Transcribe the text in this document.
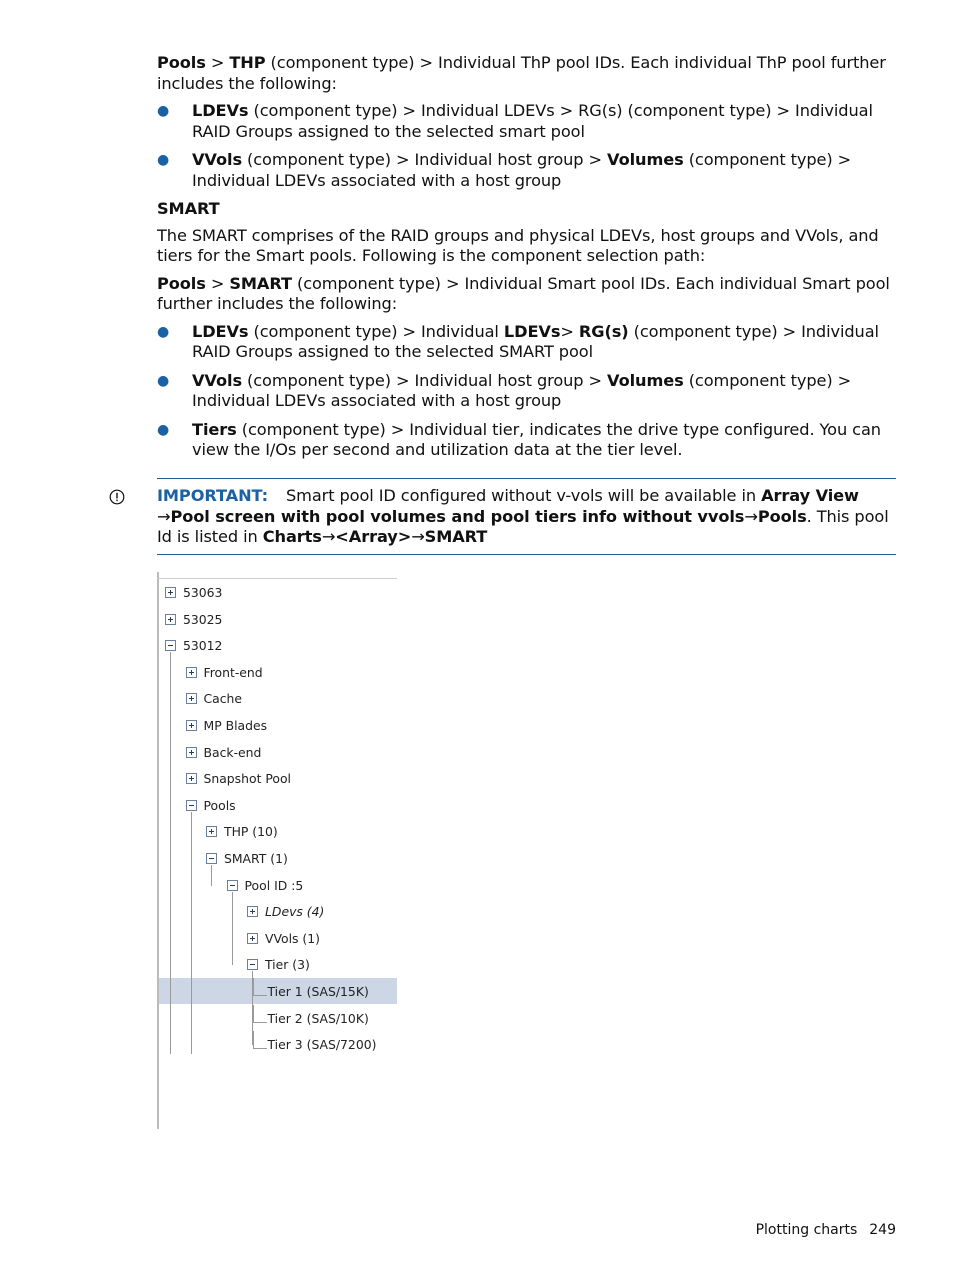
Pools > THP (component type) > Individual ThP pool IDs. Each individual ThP pool further includes the following:

● LDEVs (component type) > Individual LDEVs > RG(s) (component type) > Individual RAID Groups assigned to the selected smart pool
● VVols (component type) > Individual host group > Volumes (component type) > Individual LDEVs associated with a host group
SMART

The SMART comprises of the RAID groups and physical LDEVs, host groups and VVols, and tiers for the Smart pools. Following is the component selection path:

Pools > SMART (component type) > Individual Smart pool IDs. Each individual Smart pool further includes the following:

● LDEVs (component type) > Individual LDEVs> RG(s) (component type) > Individual RAID Groups assigned to the selected SMART pool
● VVols (component type) > Individual host group > Volumes (component type) > Individual LDEVs associated with a host group
● Tiers (component type) > Individual tier, indicates the drive type configured. You can view the I/Os per second and utilization data at the tier level.
IMPORTANT: Smart pool ID configured without v-vols will be available in Array View →Pool screen with pool volumes and pool tiers info without vvols→Pools. This pool Id is listed in Charts→<Array>→SMART
53063
53025
53012
Front-end
Cache
MP Blades
Back-end
Snapshot Pool
Pools
THP (10)
SMART (1)
Pool ID :5
LDevs (4)
VVols (1)
Tier (3)
Tier 1 (SAS/15K)
Tier 2 (SAS/10K)
Tier 3 (SAS/7200)
Plotting charts 249
